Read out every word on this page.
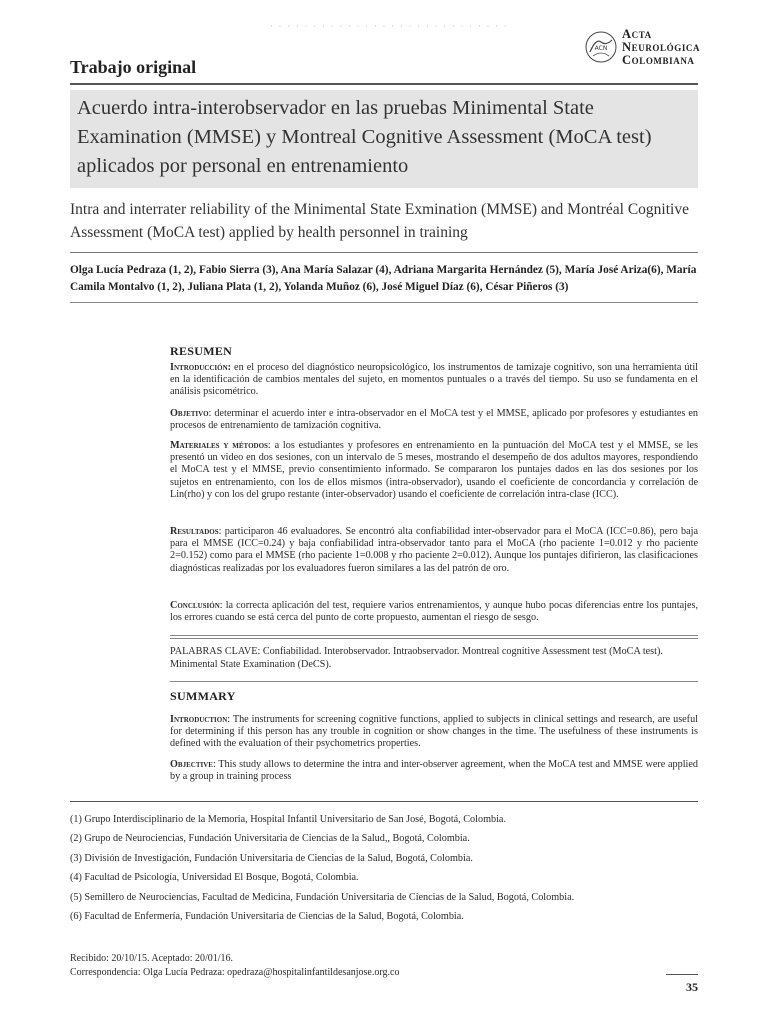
ACN
Acta
Neurológica
Colombiana
· · · · · · · · · · · · · · · · · · · · · · · · · · · ·
Trabajo original
Acuerdo intra-interobservador en las pruebas Minimental State Examination (MMSE) y Montreal Cognitive Assessment (MoCA test) aplicados por personal en entrenamiento
Intra and interrater reliability of the Minimental State Exmination (MMSE) and Montréal Cognitive Assessment (MoCA test) applied by health personnel in training
Olga Lucía Pedraza (1, 2), Fabio Sierra (3), Ana María Salazar (4), Adriana Margarita Hernández (5), María José Ariza(6), María Camila Montalvo (1, 2), Juliana Plata (1, 2), Yolanda Muñoz (6), José Miguel Díaz (6), César Piñeros (3)
RESUMEN
Introducción: en el proceso del diagnóstico neuropsicológico, los instrumentos de tamizaje cognitivo, son una herramienta útil en la identificación de cambios mentales del sujeto, en momentos puntuales o a través del tiempo. Su uso se fundamenta en el análisis psicométrico.
Objetivo: determinar el acuerdo inter e intra-observador en el MoCA test y el MMSE, aplicado por profesores y estudiantes en procesos de entrenamiento de tamización cognitiva.
Materiales y métodos: a los estudiantes y profesores en entrenamiento en la puntuación del MoCA test y el MMSE, se les presentó un video en dos sesiones, con un intervalo de 5 meses, mostrando el desempeño de dos adultos mayores, respondiendo el MoCA test y el MMSE, previo consentimiento informado. Se compararon los puntajes dados en las dos sesiones por los sujetos en entrenamiento, con los de ellos mismos (intra-observador), usando el coeficiente de concordancia y correlación de Lin(rho) y con los del grupo restante (inter-observador) usando el coeficiente de correlación intra-clase (ICC).
Resultados: participaron 46 evaluadores. Se encontró alta confiabilidad inter-observador para el MoCA (ICC=0.86), pero baja para el MMSE (ICC=0.24) y baja confiabilidad intra-observador tanto para el MoCA (rho paciente 1=0.012 y rho paciente 2=0.152) como para el MMSE (rho paciente 1=0.008 y rho paciente 2=0.012). Aunque los puntajes difirieron, las clasificaciones diagnósticas realizadas por los evaluadores fueron similares a las del patrón de oro.
Conclusión: la correcta aplicación del test, requiere varios entrenamientos, y aunque hubo pocas diferencias entre los puntajes, los errores cuando se está cerca del punto de corte propuesto, aumentan el riesgo de sesgo.
PALABRAS CLAVE: Confiabilidad. Interobservador. Intraobservador. Montreal cognitive Assessment test (MoCA test). Minimental State Examination (DeCS).
SUMMARY
Introduction: The instruments for screening cognitive functions, applied to subjects in clinical settings and research, are useful for determining if this person has any trouble in cognition or show changes in the time. The usefulness of these instruments is defined with the evaluation of their psychometrics properties.
Objective: This study allows to determine the intra and inter-observer agreement, when the MoCA test and MMSE were applied by a group in training process
(1) Grupo Interdisciplinario de la Memoria, Hospital Infantil Universitario de San José, Bogotá, Colombia.
(2) Grupo de Neurociencias, Fundación Universitaria de Ciencias de la Salud,, Bogotá, Colombia.
(3) División de Investigación, Fundación Universitaria de Ciencias de la Salud, Bogotá, Colombia.
(4) Facultad de Psicología, Universidad El Bosque, Bogotá, Colombia.
(5) Semillero de Neurociencias, Facultad de Medicina, Fundación Universitaria de Ciencias de la Salud, Bogotá, Colombia.
(6) Facultad de Enfermería, Fundación Universitaria de Ciencias de la Salud, Bogotá, Colombia.
Recibido: 20/10/15. Aceptado: 20/01/16.
Correspondencia: Olga Lucía Pedraza: opedraza@hospitalinfantildesanjose.org.co
35
